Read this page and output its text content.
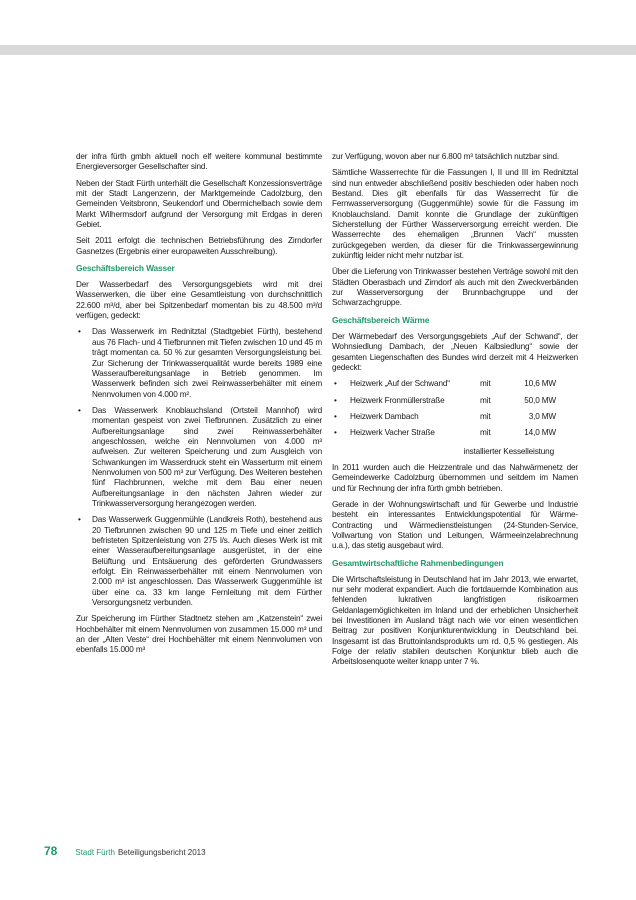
der infra fürth gmbh aktuell noch elf weitere kommunal bestimmte Energieversorger Gesellschafter sind.

Neben der Stadt Fürth unterhält die Gesellschaft Konzessionsverträge mit der Stadt Langenzenn, der Marktgemeinde Cadolzburg, den Gemeinden Veitsbronn, Seukendorf und Obermichelbach sowie dem Markt Wilhermsdorf aufgrund der Versorgung mit Erdgas in deren Gebiet.

Seit 2011 erfolgt die technischen Betriebsführung des Zirndorfer Gasnetzes (Ergebnis einer europaweiten Ausschreibung).

Geschäftsbereich Wasser

Der Wasserbedarf des Versorgungsgebiets wird mit drei Wasserwerken, die über eine Gesamtleistung von durchschnittlich 22.600 m³/d, aber bei Spitzenbedarf momentan bis zu 48.500 m³/d verfügen, gedeckt:

• Das Wasserwerk im Rednitztal (Stadtgebiet Fürth), bestehend aus 76 Flach- und 4 Tiefbrunnen mit Tiefen zwischen 10 und 45 m trägt momentan ca. 50 % zur gesamten Versorgungsleistung bei. Zur Sicherung der Trinkwasserqualität wurde bereits 1989 eine Wasseraufbereitungsanlage in Betrieb genommen. Im Wasserwerk befinden sich zwei Reinwasserbehälter mit einem Nennvolumen von 4.000 m².
• Das Wasserwerk Knoblauchsland (Ortsteil Mannhof) wird momentan gespeist von zwei Tiefbrunnen. Zusätzlich zu einer Aufbereitungsanlage sind zwei Reinwasserbehälter angeschlossen, welche ein Nennvolumen von 4.000 m³ aufweisen. Zur weiteren Speicherung und zum Ausgleich von Schwankungen im Wasserdruck steht ein Wasserturm mit einem Nennvolumen von 500 m³ zur Verfügung. Des Weiteren bestehen fünf Flachbrunnen, welche mit dem Bau einer neuen Aufbereitungsanlage in den nächsten Jahren wieder zur Trinkwasserversorgung herangezogen werden.
• Das Wasserwerk Guggenmühle (Landkreis Roth), bestehend aus 20 Tiefbrunnen zwischen 90 und 125 m Tiefe und einer zeitlich befristeten Spitzenleistung von 275 l/s. Auch dieses Werk ist mit einer Wasseraufbereitungsanlage ausgerüstet, in der eine Belüftung und Entsäuerung des geförderten Grundwassers erfolgt. Ein Reinwasserbehälter mit einem Nennvolumen von 2.000 m³ ist angeschlossen. Das Wasserwerk Guggenmühle ist über eine ca. 33 km lange Fernleitung mit dem Fürther Versorgungsnetz verbunden.

Zur Speicherung im Fürther Stadtnetz stehen am „Katzenstein“ zwei Hochbehälter mit einem Nennvolumen von zusammen 15.000 m³ und an der „Alten Veste“ drei Hochbehälter mit einem Nennvolumen von ebenfalls 15.000 m³

zur Verfügung, wovon aber nur 6.800 m³ tatsächlich nutzbar sind.

Sämtliche Wasserrechte für die Fassungen I, II und III im Rednitztal sind nun entweder abschließend positiv beschieden oder haben noch Bestand. Dies gilt ebenfalls für das Wasserrecht für die Fernwasserversorgung (Guggenmühle) sowie für die Fassung im Knoblauchsland. Damit konnte die Grundlage der zukünftigen Sicherstellung der Fürther Wasserversorgung erreicht werden. Die Wasserrechte des ehemaligen „Brunnen Vach“ mussten zurückgegeben werden, da dieser für die Trinkwassergewinnung zukünftig leider nicht mehr nutzbar ist.

Über die Lieferung von Trinkwasser bestehen Verträge sowohl mit den Städten Oberasbach und Zirndorf als auch mit den Zweckverbänden zur Wasserversorgung der Brunnbachgruppe und der Schwarzachgruppe.

Geschäftsbereich Wärme

Der Wärmebedarf des Versorgungsgebiets „Auf der Schwand“, der Wohnsiedlung Dambach, der „Neuen Kalbsiedlung“ sowie der gesamten Liegenschaften des Bundes wird derzeit mit 4 Heizwerken gedeckt:

•	Heizwerk „Auf der Schwand“	mit	10,6 MW
•	Heizwerk Fronmüllerstraße	mit	50,0 MW
•	Heizwerk Dambach	mit	3,0 MW
•	Heizwerk Vacher Straße	mit	14,0 MW
installierter Kesselleistung

In 2011 wurden auch die Heizzentrale und das Nahwärmenetz der Gemeindewerke Cadolzburg übernommen und seitdem im Namen und für Rechnung der infra fürth gmbh betrieben.

Gerade in der Wohnungswirtschaft und für Gewerbe und Industrie besteht ein interessantes Entwicklungspotential für Wärme-Contracting und Wärmedienstleistungen (24-Stunden-Service, Vollwartung von Station und Leitungen, Wärmeeinzelabrechnung u.a.), das stetig ausgebaut wird.

Gesamtwirtschaftliche Rahmenbedingungen

Die Wirtschaftsleistung in Deutschland hat im Jahr 2013, wie erwartet, nur sehr moderat expandiert. Auch die fortdauernde Kombination aus fehlenden lukrativen langfristigen risikoarmen Geldanlagemöglichkeiten im Inland und der erheblichen Unsicherheit bei Investitionen im Ausland trägt nach wie vor einen wesentlichen Beitrag zur positiven Konjunkturentwicklung in Deutschland bei. Insgesamt ist das Bruttoinlandsprodukts um rd. 0,5 % gestiegen. Als Folge der relativ stabilen deutschen Konjunktur blieb auch die Arbeitslosenquote weiter knapp unter 7 %.

78 Stadt Fürth Beteiligungsbericht 2013
